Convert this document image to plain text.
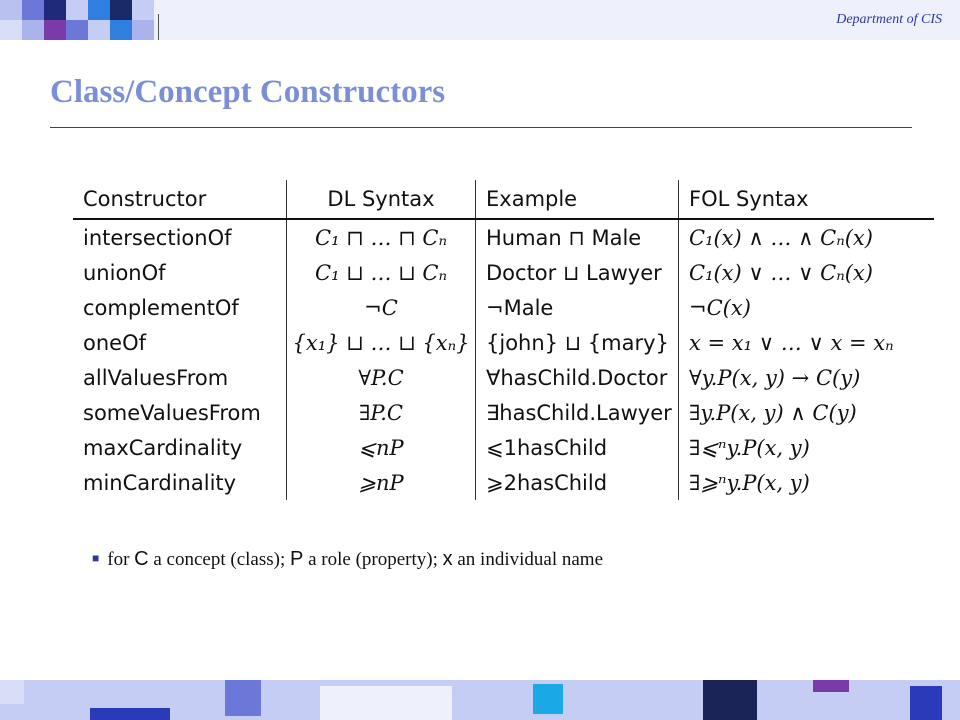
Department of CIS
Class/Concept Constructors
Constructor	DL Syntax	Example	FOL Syntax
intersectionOf	C₁ ⊓ … ⊓ Cₙ	Human ⊓ Male	C₁(x) ∧ … ∧ Cₙ(x)
unionOf	C₁ ⊔ … ⊔ Cₙ	Doctor ⊔ Lawyer	C₁(x) ∨ … ∨ Cₙ(x)
complementOf	¬C	¬Male	¬C(x)
oneOf	{x₁} ⊔ … ⊔ {xₙ}	{john} ⊔ {mary}	x = x₁ ∨ … ∨ x = xₙ
allValuesFrom	∀P.C	∀hasChild.Doctor	∀y.P(x, y) → C(y)
someValuesFrom	∃P.C	∃hasChild.Lawyer	∃y.P(x, y) ∧ C(y)
maxCardinality	⩽nP	⩽1hasChild	∃⩽ⁿy.P(x, y)
minCardinality	⩾nP	⩾2hasChild	∃⩾ⁿy.P(x, y)
■ for C a concept (class); P a role (property); x an individual name
